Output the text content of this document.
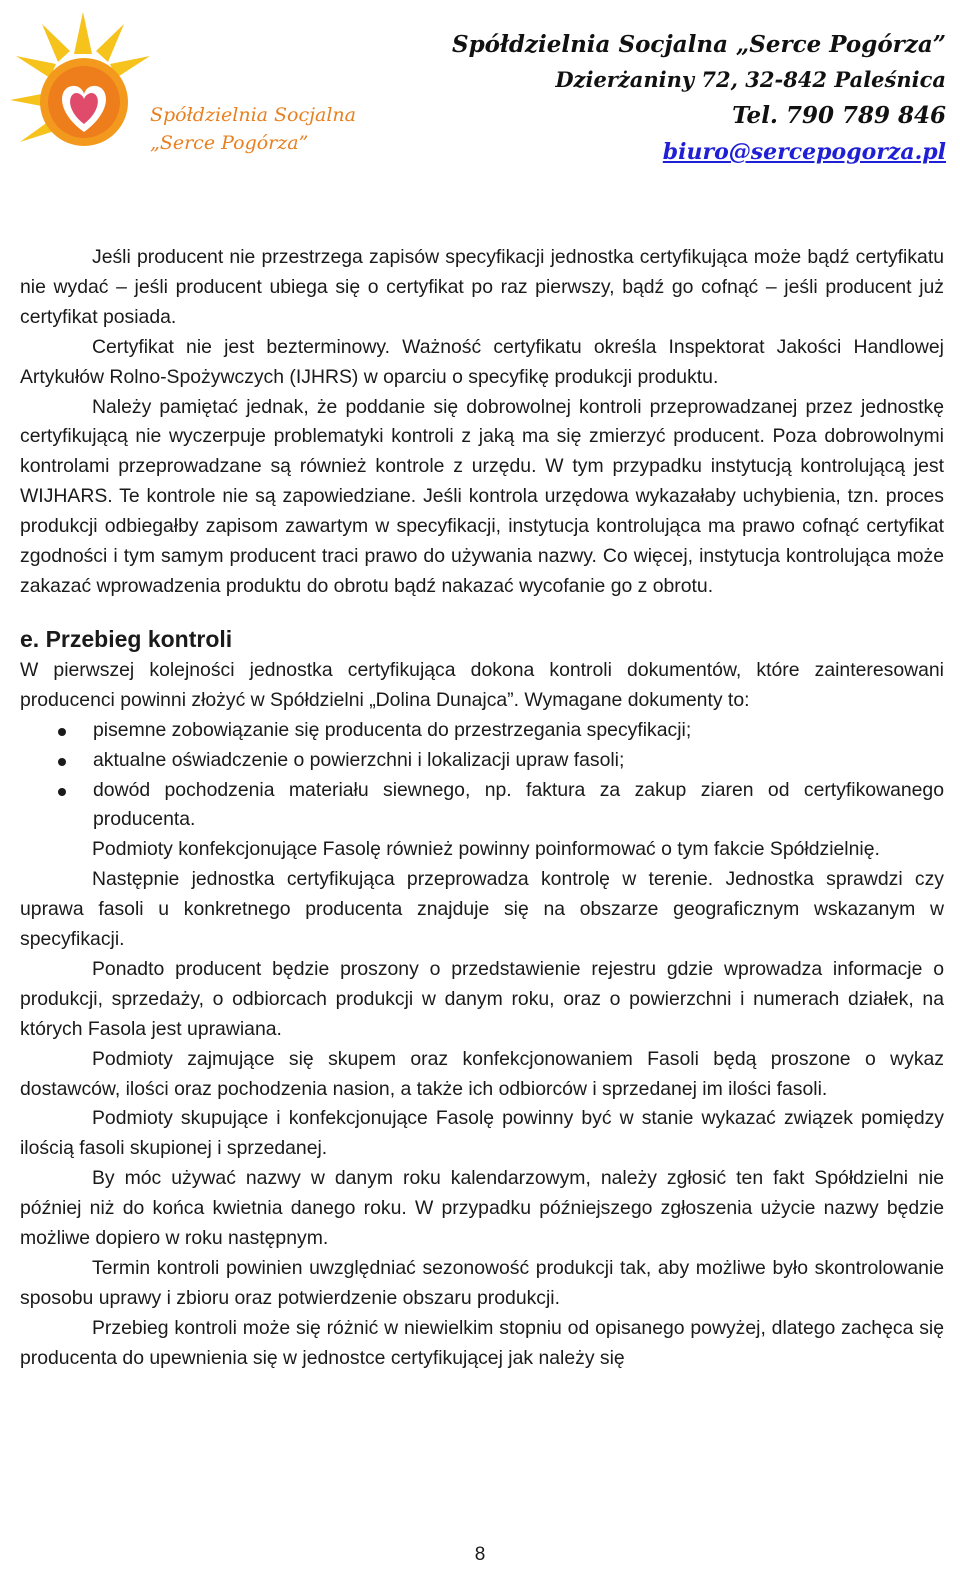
Spółdzielnia Socjalna
„Serce Pogórza”
Spółdzielnia Socjalna „Serce Pogórza”
Dzierżaniny 72, 32-842 Paleśnica
Tel. 790 789 846
biuro@sercepogorza.pl

Jeśli producent nie przestrzega zapisów specyfikacji jednostka certyfikująca może bądź certyfikatu nie wydać – jeśli producent ubiega się o certyfikat po raz pierwszy, bądź go cofnąć – jeśli producent już certyfikat posiada.

Certyfikat nie jest bezterminowy. Ważność certyfikatu określa Inspektorat Jakości Handlowej Artykułów Rolno-Spożywczych (IJHRS) w oparciu o specyfikę produkcji produktu.

Należy pamiętać jednak, że poddanie się dobrowolnej kontroli przeprowadzanej przez jednostkę certyfikującą nie wyczerpuje problematyki kontroli z jaką ma się zmierzyć producent. Poza dobrowolnymi kontrolami przeprowadzane są również kontrole z urzędu. W tym przypadku instytucją kontrolującą jest WIJHARS. Te kontrole nie są zapowiedziane. Jeśli kontrola urzędowa wykazałaby uchybienia, tzn. proces produkcji odbiegałby zapisom zawartym w specyfikacji, instytucja kontrolująca ma prawo cofnąć certyfikat zgodności i tym samym producent traci prawo do używania nazwy. Co więcej, instytucja kontrolująca może zakazać wprowadzenia produktu do obrotu bądź nakazać wycofanie go z obrotu.

e. Przebieg kontroli

W pierwszej kolejności jednostka certyfikująca dokona kontroli dokumentów, które zainteresowani producenci powinni złożyć w Spółdzielni „Dolina Dunajca”. Wymagane dokumenty to:

pisemne zobowiązanie się producenta do przestrzegania specyfikacji;
aktualne oświadczenie o powierzchni i lokalizacji upraw fasoli;
dowód pochodzenia materiału siewnego, np. faktura za zakup ziaren od certyfikowanego producenta.

Podmioty konfekcjonujące Fasolę również powinny poinformować o tym fakcie Spółdzielnię.

Następnie jednostka certyfikująca przeprowadza kontrolę w terenie. Jednostka sprawdzi czy uprawa fasoli u konkretnego producenta znajduje się na obszarze geograficznym wskazanym w specyfikacji.

Ponadto producent będzie proszony o przedstawienie rejestru gdzie wprowadza informacje o produkcji, sprzedaży, o odbiorcach produkcji w danym roku, oraz o powierzchni i numerach działek, na których Fasola jest uprawiana.

Podmioty zajmujące się skupem oraz konfekcjonowaniem Fasoli będą proszone o wykaz dostawców, ilości oraz pochodzenia nasion, a także ich odbiorców i sprzedanej im ilości fasoli.

Podmioty skupujące i konfekcjonujące Fasolę powinny być w stanie wykazać związek pomiędzy ilością fasoli skupionej i sprzedanej.

By móc używać nazwy w danym roku kalendarzowym, należy zgłosić ten fakt Spółdzielni nie później niż do końca kwietnia danego roku. W przypadku późniejszego zgłoszenia użycie nazwy będzie możliwe dopiero w roku następnym.

Termin kontroli powinien uwzględniać sezonowość produkcji tak, aby możliwe było skontrolowanie sposobu uprawy i zbioru oraz potwierdzenie obszaru produkcji.

Przebieg kontroli może się różnić w niewielkim stopniu od opisanego powyżej, dlatego zachęca się producenta do upewnienia się w jednostce certyfikującej jak należy się

8
